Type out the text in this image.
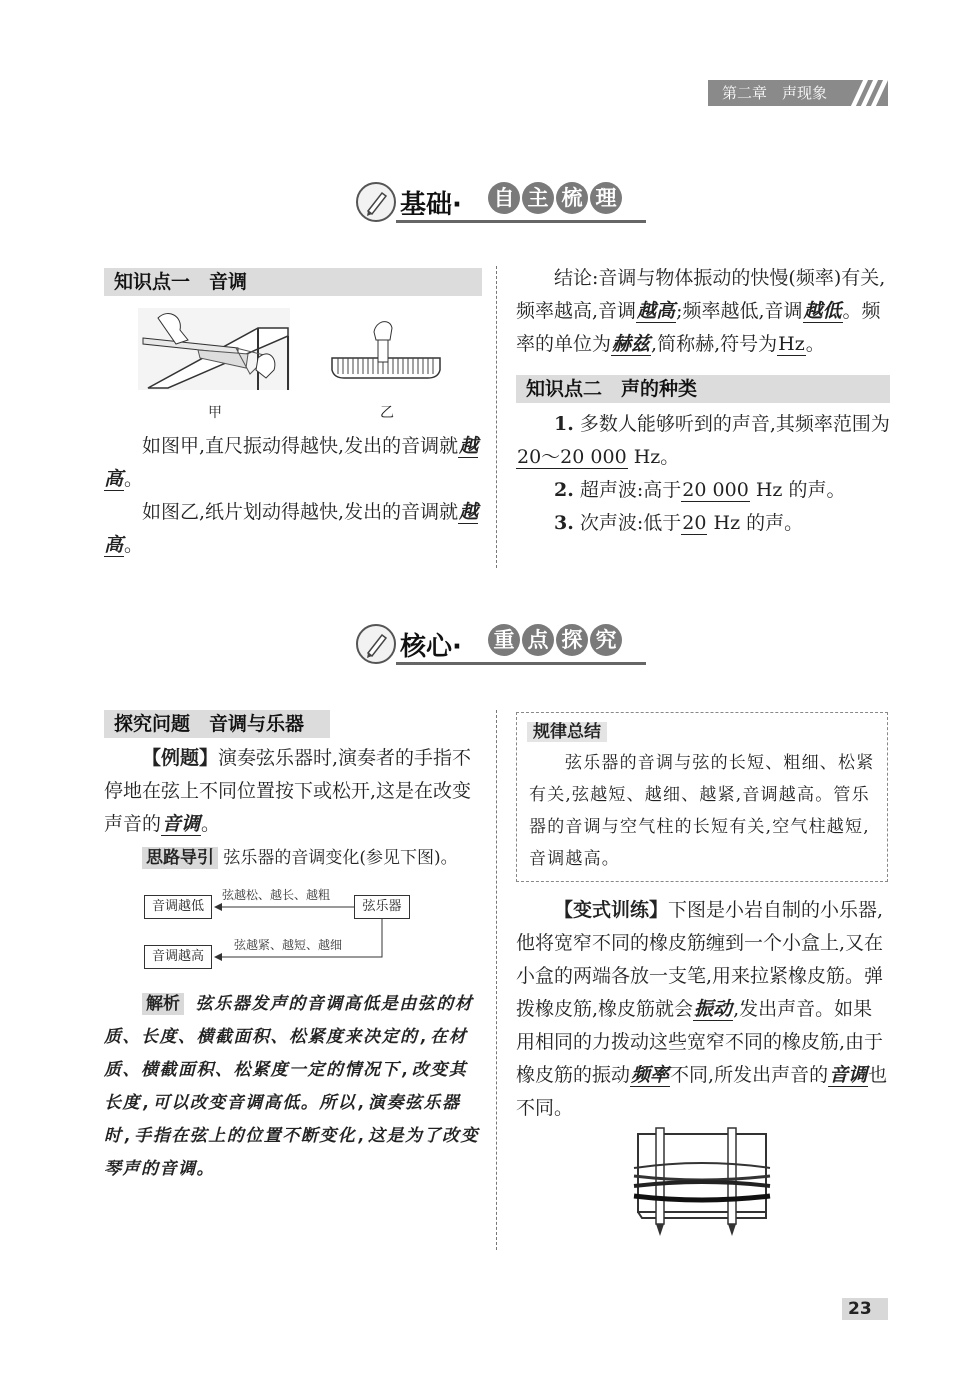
第二章　声现象
基础· 自 主 梳 理
知识点一　音调
甲	乙

如图甲,直尺振动得越快,发出的音调就越高。

如图乙,纸片划动得越快,发出的音调就越高。

结论:音调与物体振动的快慢(频率)有关,频率越高,音调越高;频率越低,音调越低。频率的单位为赫兹,简称赫,符号为Hz。

知识点二　声的种类

1. 多数人能够听到的声音,其频率范围为20～20 000 Hz。

2. 超声波:高于20 000 Hz 的声。

3. 次声波:低于20 Hz 的声。

核心· 重 点 探 究
探究问题　音调与乐器

【例题】演奏弦乐器时,演奏者的手指不停地在弦上不同位置按下或松开,这是在改变声音的音调。

思路导引 弦乐器的音调变化(参见下图)。
音调越低	弦乐器
音调越高
弦越松、越长、越粗
弦越紧、越短、越细
解析 弦乐器发声的音调高低是由弦的材质、长度、横截面积、松紧度来决定的,在材质、横截面积、松紧度一定的情况下,改变其长度,可以改变音调高低。所以,演奏弦乐器时,手指在弦上的位置不断变化,这是为了改变琴声的音调。
规律总结
弦乐器的音调与弦的长短、粗细、松紧有关,弦越短、越细、越紧,音调越高。管乐器的音调与空气柱的长短有关,空气柱越短,音调越高。

【变式训练】下图是小岩自制的小乐器,他将宽窄不同的橡皮筋缠到一个小盒上,又在小盒的两端各放一支笔,用来拉紧橡皮筋。弹拨橡皮筋,橡皮筋就会振动,发出声音。如果用相同的力拨动这些宽窄不同的橡皮筋,由于橡皮筋的振动频率不同,所发出声音的音调也不同。

23
